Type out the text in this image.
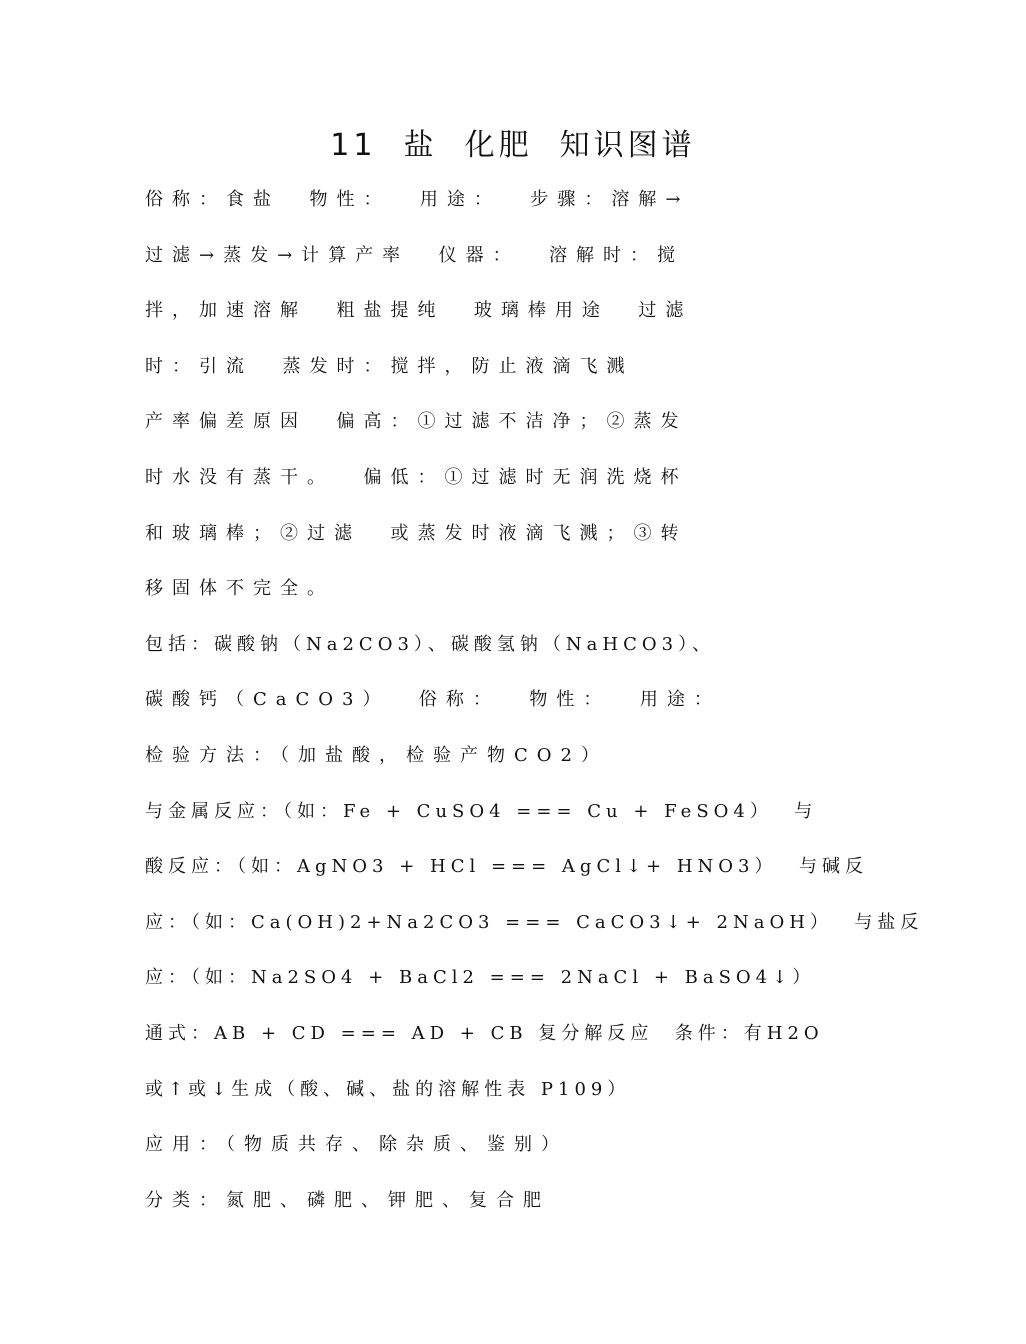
11  盐  化肥  知识图谱
俗称：食盐  物性：  用途：  步骤：溶解→
过滤→蒸发→计算产率  仪器：  溶解时：搅
拌，加速溶解  粗盐提纯  玻璃棒用途  过滤
时：引流  蒸发时：搅拌，防止液滴飞溅
产率偏差原因  偏高：①过滤不洁净；②蒸发
时水没有蒸干。  偏低：①过滤时无润洗烧杯
和玻璃棒；②过滤  或蒸发时液滴飞溅；③转
移固体不完全。
包括：碳酸钠（Na2CO3）、碳酸氢钠（NaHCO3）、
碳酸钙（CaCO3）  俗称：  物性：  用途：
检验方法：（加盐酸，检验产物CO2）
与金属反应：（如：Fe + CuSO4 === Cu + FeSO4）  与
酸反应：（如：AgNO3 + HCl === AgCl↓+ HNO3）  与碱反
应：（如：Ca(OH)2+Na2CO3 === CaCO3↓+ 2NaOH）  与盐反
应：（如：Na2SO4 + BaCl2 === 2NaCl + BaSO4↓）
通式：AB + CD === AD + CB 复分解反应  条件：有H2O
或↑或↓生成（酸、碱、盐的溶解性表 P109）
应用：（物质共存、除杂质、鉴别）
分类：氮肥、磷肥、钾肥、复合肥
